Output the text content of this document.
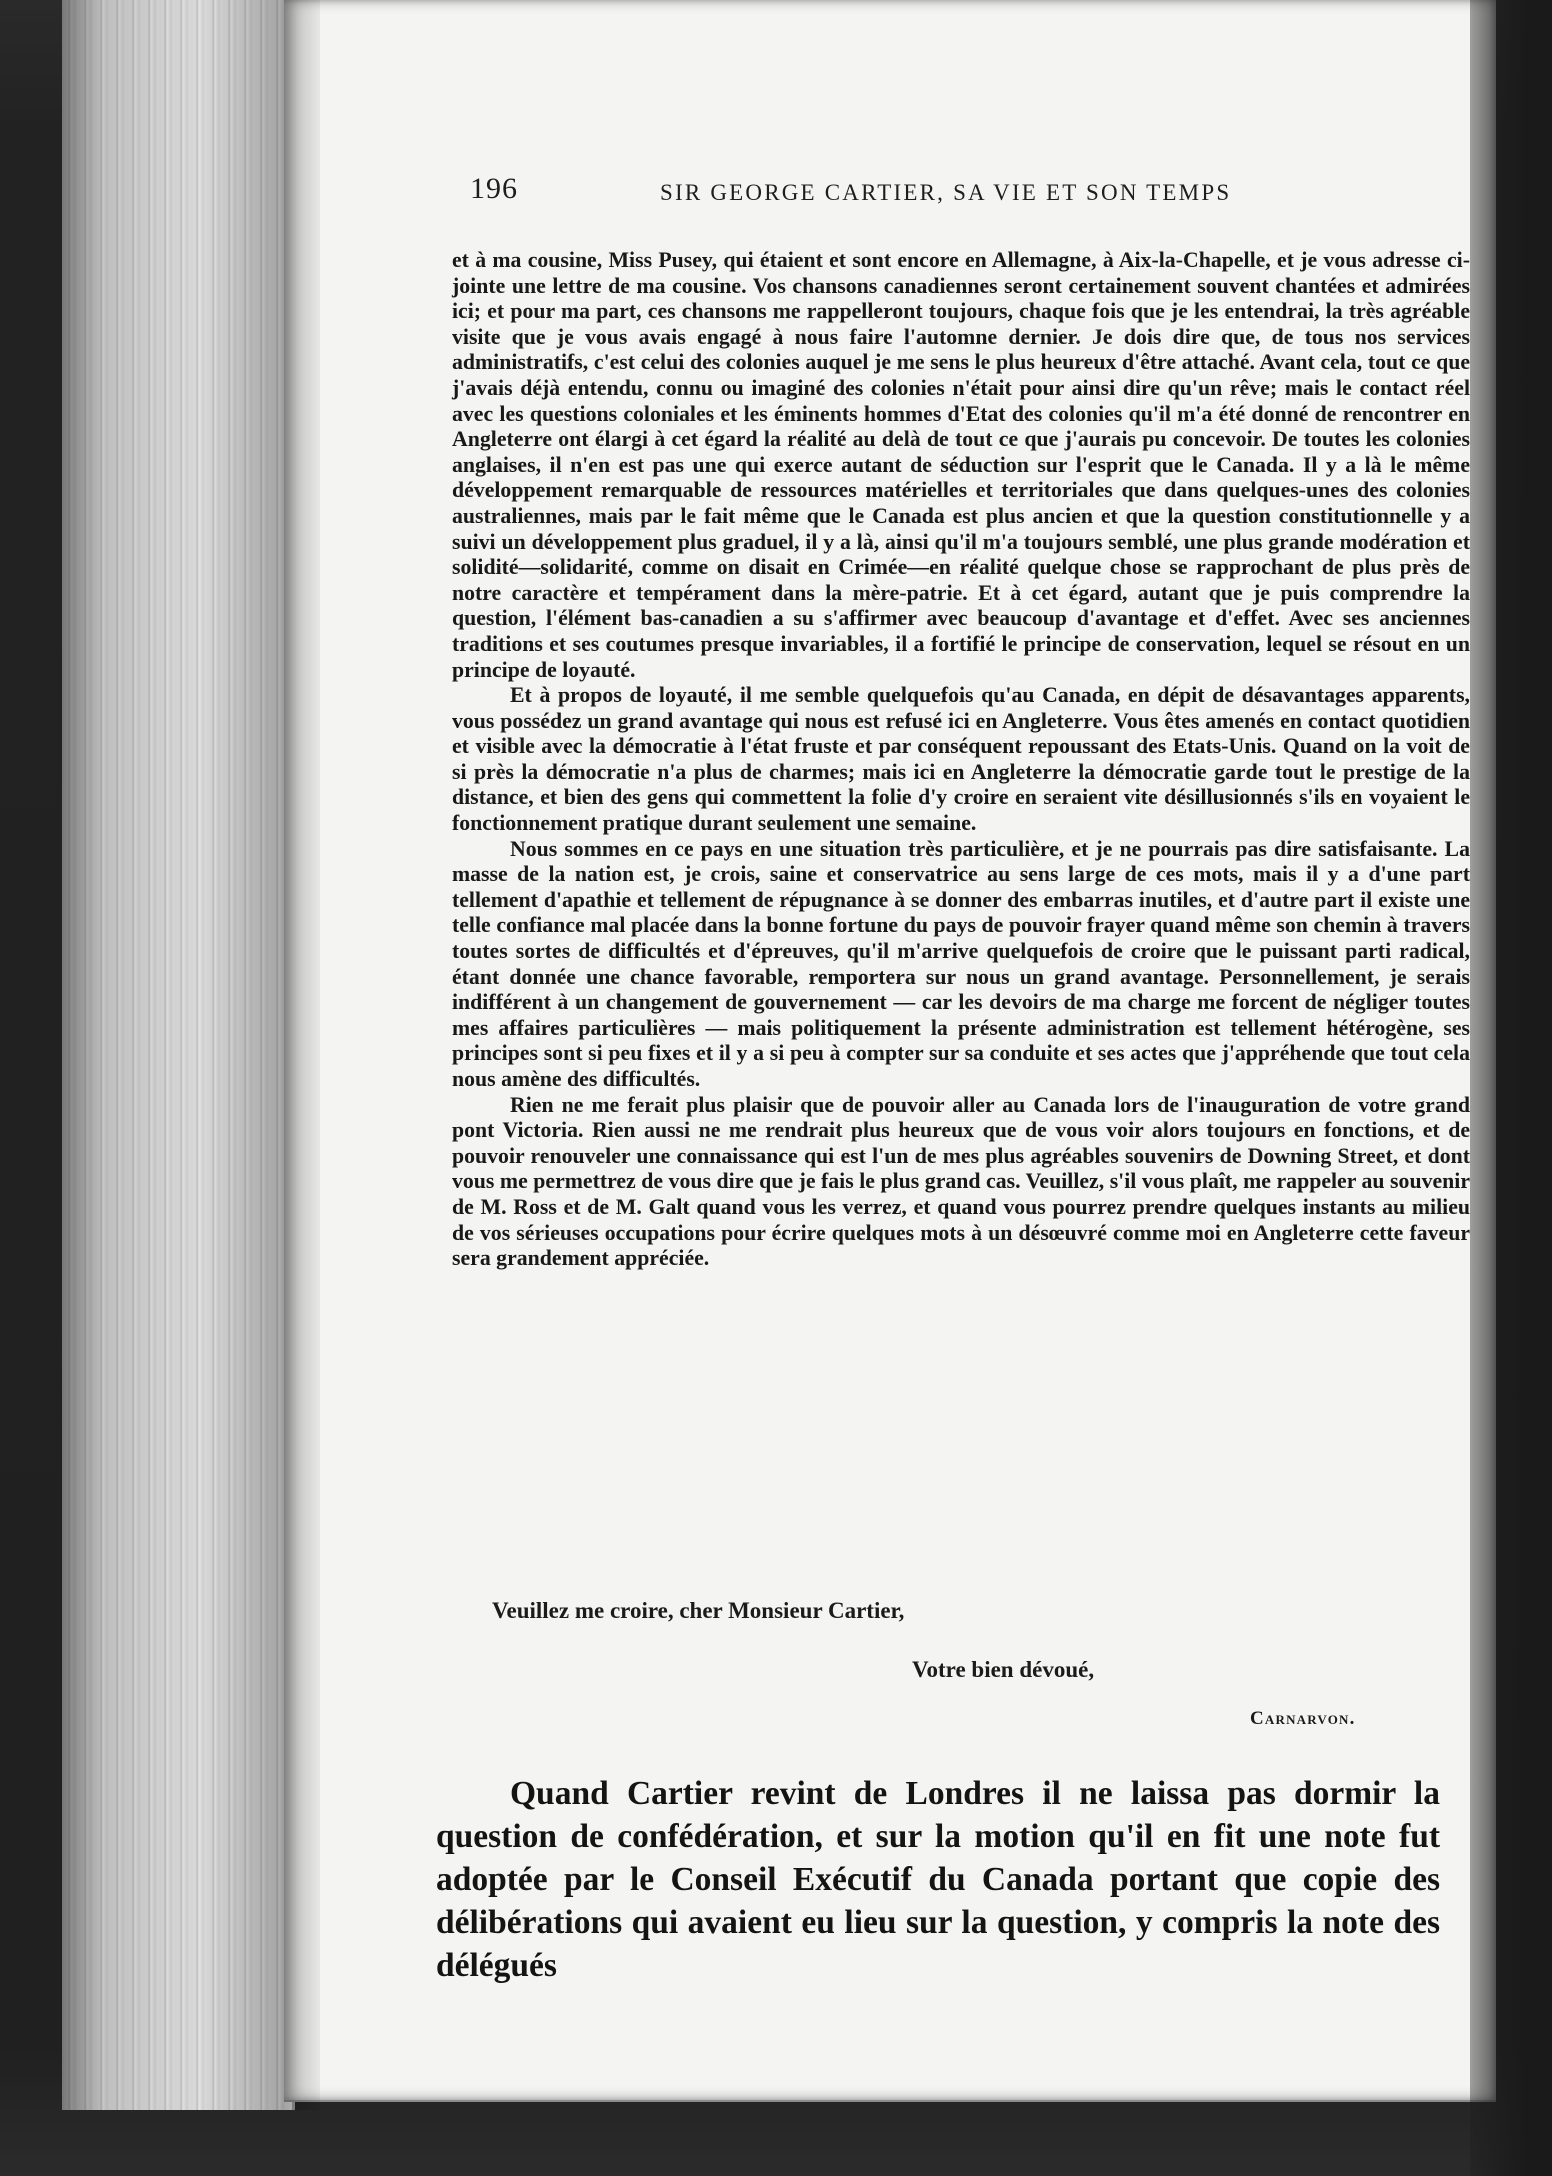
196	SIR GEORGE CARTIER, SA VIE ET SON TEMPS

et à ma cousine, Miss Pusey, qui étaient et sont encore en Allemagne, à Aix-la-Chapelle, et je vous adresse ci-jointe une lettre de ma cousine. Vos chansons canadiennes seront certainement souvent chantées et admirées ici; et pour ma part, ces chansons me rappelleront toujours, chaque fois que je les entendrai, la très agréable visite que je vous avais engagé à nous faire l'automne dernier. Je dois dire que, de tous nos services administratifs, c'est celui des colonies auquel je me sens le plus heureux d'être attaché. Avant cela, tout ce que j'avais déjà entendu, connu ou imaginé des colonies n'était pour ainsi dire qu'un rêve; mais le contact réel avec les questions coloniales et les éminents hommes d'Etat des colonies qu'il m'a été donné de rencontrer en Angleterre ont élargi à cet égard la réalité au delà de tout ce que j'aurais pu concevoir. De toutes les colonies anglaises, il n'en est pas une qui exerce autant de séduction sur l'esprit que le Canada. Il y a là le même développement remarquable de ressources matérielles et territoriales que dans quelques-unes des colonies australiennes, mais par le fait même que le Canada est plus ancien et que la question constitutionnelle y a suivi un développement plus graduel, il y a là, ainsi qu'il m'a toujours semblé, une plus grande modération et solidité—solidarité, comme on disait en Crimée—en réalité quelque chose se rapprochant de plus près de notre caractère et tempérament dans la mère-patrie. Et à cet égard, autant que je puis comprendre la question, l'élément bas-canadien a su s'affirmer avec beaucoup d'avantage et d'effet. Avec ses anciennes traditions et ses coutumes presque invariables, il a fortifié le principe de conservation, lequel se résout en un principe de loyauté.

Et à propos de loyauté, il me semble quelquefois qu'au Canada, en dépit de désavantages apparents, vous possédez un grand avantage qui nous est refusé ici en Angleterre. Vous êtes amenés en contact quotidien et visible avec la démocratie à l'état fruste et par conséquent repoussant des Etats-Unis. Quand on la voit de si près la démocratie n'a plus de charmes; mais ici en Angleterre la démocratie garde tout le prestige de la distance, et bien des gens qui commettent la folie d'y croire en seraient vite désillusionnés s'ils en voyaient le fonctionnement pratique durant seulement une semaine.

Nous sommes en ce pays en une situation très particulière, et je ne pourrais pas dire satisfaisante. La masse de la nation est, je crois, saine et conservatrice au sens large de ces mots, mais il y a d'une part tellement d'apathie et tellement de répugnance à se donner des embarras inutiles, et d'autre part il existe une telle confiance mal placée dans la bonne fortune du pays de pouvoir frayer quand même son chemin à travers toutes sortes de difficultés et d'épreuves, qu'il m'arrive quelquefois de croire que le puissant parti radical, étant donnée une chance favorable, remportera sur nous un grand avantage. Personnellement, je serais indifférent à un changement de gouvernement — car les devoirs de ma charge me forcent de négliger toutes mes affaires particulières — mais politiquement la présente administration est tellement hétérogène, ses principes sont si peu fixes et il y a si peu à compter sur sa conduite et ses actes que j'appréhende que tout cela nous amène des difficultés.

Rien ne me ferait plus plaisir que de pouvoir aller au Canada lors de l'inauguration de votre grand pont Victoria. Rien aussi ne me rendrait plus heureux que de vous voir alors toujours en fonctions, et de pouvoir renouveler une connaissance qui est l'un de mes plus agréables souvenirs de Downing Street, et dont vous me permettrez de vous dire que je fais le plus grand cas. Veuillez, s'il vous plaît, me rappeler au souvenir de M. Ross et de M. Galt quand vous les verrez, et quand vous pourrez prendre quelques instants au milieu de vos sérieuses occupations pour écrire quelques mots à un désœuvré comme moi en Angleterre cette faveur sera grandement appréciée.

Veuillez me croire, cher Monsieur Cartier,
Votre bien dévoué,
Carnarvon.

Quand Cartier revint de Londres il ne laissa pas dormir la question de confédération, et sur la motion qu'il en fit une note fut adoptée par le Conseil Exécutif du Canada portant que copie des délibérations qui avaient eu lieu sur la question, y compris la note des délégués
